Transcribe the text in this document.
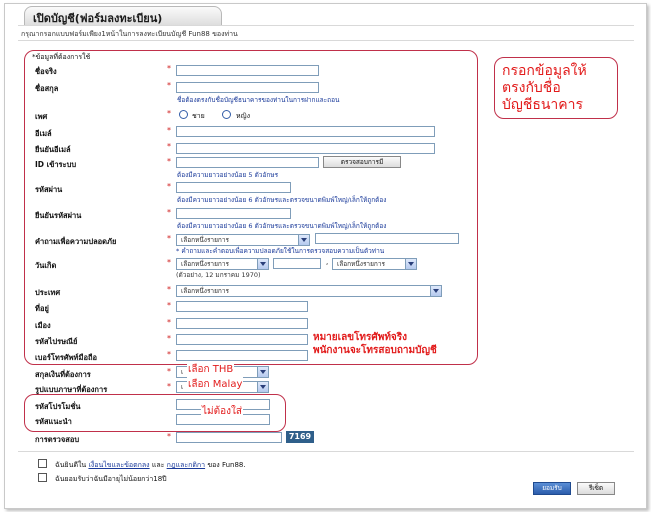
เปิดบัญชี(ฟอร์มลงทะเบียน)
กรุณากรอกแบบฟอร์มเพียง1หน้าในการลงทะเบียนบัญชี Fun88 ของท่าน
*ข้อมูลที่ต้องการใช้
กรอกข้อมูลให้
ตรงกับชื่อ
บัญชีธนาคาร
ชื่อจริง	*
ชื่อสกุล	*
ชื่อต้องตรงกับชื่อบัญชีธนาคารของท่านในการฝากและถอน
เพศ	*	ชาย	หญิง
อีเมล์	*
ยืนยันอีเมล์	*
ID เข้าระบบ	*	ตรวจสอบการมี
ต้องมีความยาวอย่างน้อย 5 ตัวอักษร
รหัสผ่าน	*
ต้องมีความยาวอย่างน้อย 6 ตัวอักษรและตรวจขนาดพิมพ์ใหญ่/เล็กให้ถูกต้อง
ยืนยันรหัสผ่าน	*
ต้องมีความยาวอย่างน้อย 6 ตัวอักษรและตรวจขนาดพิมพ์ใหญ่/เล็กให้ถูกต้อง
คำถามเพื่อความปลอดภัย	*	เลือกหนึ่งรายการ
* คำถามและคำตอบเพื่อความปลอดภัยใช้ในการตรวจสอบความเป็นตัวท่าน
วันเกิด	*	เลือกหนึ่งรายการ	,	เลือกหนึ่งรายการ
(ตัวอย่าง, 12 มกราคม 1970)
ประเทศ	*	เลือกหนึ่งรายการ
ที่อยู่	*
เมือง	*
รหัสไปรษณีย์	*
เบอร์โทรศัพท์มือถือ	*
หมายเลขโทรศัพท์จริง
พนักงานจะโทรสอบถามบัญชี
สกุลเงินที่ต้องการ	*	เ เลือก THB
รูปแบบภาษาที่ต้องการ	*	เ เลือก Malay
รหัสโปรโมชั่น
รหัสแนะนำ
ไม่ต้องใส่
การตรวจสอบ	*	7169
ฉันยินดีใน เงื่อนไขและข้อตกลง และ กฎและกติกา ของ Fun88.
ฉันยอมรับว่าฉันมีอายุไม่น้อยกว่า18ปี
ยอมรับ	รีเซ็ต
